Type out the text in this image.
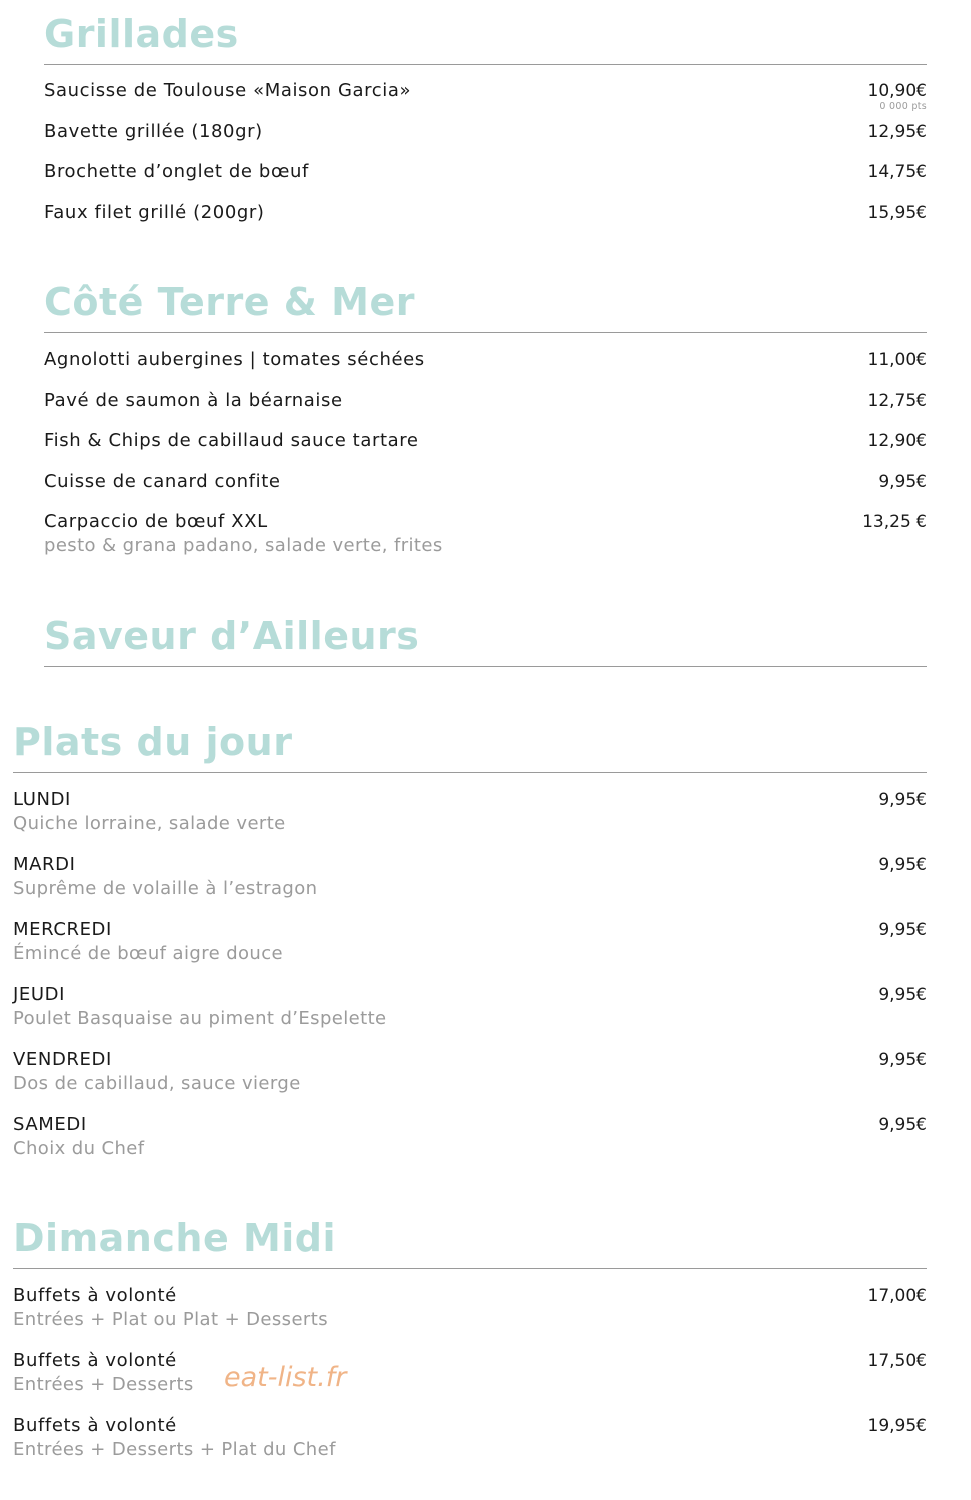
Grillades
Saucisse de Toulouse «Maison Garcia»	10,90€
0 000 pts
Bavette grillée (180gr)	12,95€
Brochette d’onglet de bœuf	14,75€
Faux filet grillé (200gr)	15,95€
Côté Terre & Mer
Agnolotti aubergines | tomates séchées	11,00€
Pavé de saumon à la béarnaise	12,75€
Fish & Chips de cabillaud sauce tartare	12,90€
Cuisse de canard confite	9,95€
Carpaccio de bœuf XXL	13,25 €
pesto & grana padano, salade verte, frites
Saveur d’Ailleurs
Plats du jour
LUNDI	9,95€
Quiche lorraine, salade verte
MARDI	9,95€
Suprême de volaille à l’estragon
MERCREDI	9,95€
Émincé de bœuf aigre douce
JEUDI	9,95€
Poulet Basquaise au piment d’Espelette
VENDREDI	9,95€
Dos de cabillaud, sauce vierge
SAMEDI	9,95€
Choix du Chef
Dimanche Midi
Buffets à volonté	17,00€
Entrées + Plat ou Plat + Desserts
Buffets à volonté	17,50€
Entrées + Desserts
Buffets à volonté	19,95€
Entrées + Desserts + Plat du Chef
eat-list.fr
